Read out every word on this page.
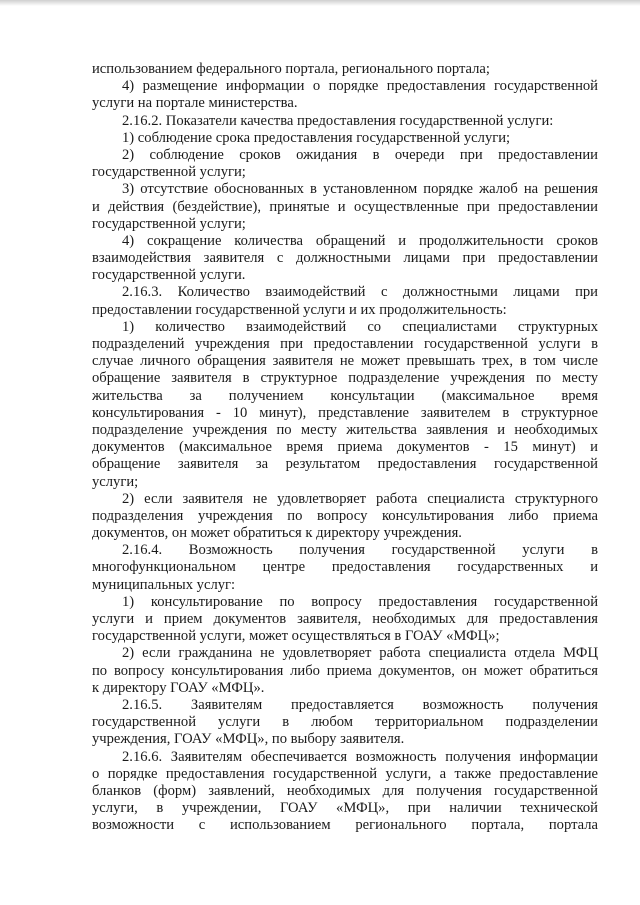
использованием федерального портала, регионального портала;
4) размещение информации о порядке предоставления государственной
услуги на портале министерства.
2.16.2. Показатели качества предоставления государственной услуги:
1) соблюдение срока предоставления государственной услуги;
2) соблюдение сроков ожидания в очереди при предоставлении
государственной услуги;
3) отсутствие обоснованных в установленном порядке жалоб на решения
и действия (бездействие), принятые и осуществленные при предоставлении
государственной услуги;
4) сокращение количества обращений и продолжительности сроков
взаимодействия заявителя с должностными лицами при предоставлении
государственной услуги.
2.16.3. Количество взаимодействий с должностными лицами при
предоставлении государственной услуги и их продолжительность:
1) количество взаимодействий со специалистами структурных
подразделений учреждения при предоставлении государственной услуги в
случае личного обращения заявителя не может превышать трех, в том числе
обращение заявителя в структурное подразделение учреждения по месту
жительства за получением консультации (максимальное время
консультирования - 10 минут), представление заявителем в структурное
подразделение учреждения по месту жительства заявления и необходимых
документов (максимальное время приема документов - 15 минут) и
обращение заявителя за результатом предоставления государственной
услуги;
2) если заявителя не удовлетворяет работа специалиста структурного
подразделения учреждения по вопросу консультирования либо приема
документов, он может обратиться к директору учреждения.
2.16.4. Возможность получения государственной услуги в
многофункциональном центре предоставления государственных и
муниципальных услуг:
1) консультирование по вопросу предоставления государственной
услуги и прием документов заявителя, необходимых для предоставления
государственной услуги, может осуществляться в ГОАУ «МФЦ»;
2) если гражданина не удовлетворяет работа специалиста отдела МФЦ
по вопросу консультирования либо приема документов, он может обратиться
к директору ГОАУ «МФЦ».
2.16.5. Заявителям предоставляется возможность получения
государственной услуги в любом территориальном подразделении
учреждения, ГОАУ «МФЦ», по выбору заявителя.
2.16.6. Заявителям обеспечивается возможность получения информации
о порядке предоставления государственной услуги, а также предоставление
бланков (форм) заявлений, необходимых для получения государственной
услуги, в учреждении, ГОАУ «МФЦ», при наличии технической
возможности с использованием регионального портала, портала
